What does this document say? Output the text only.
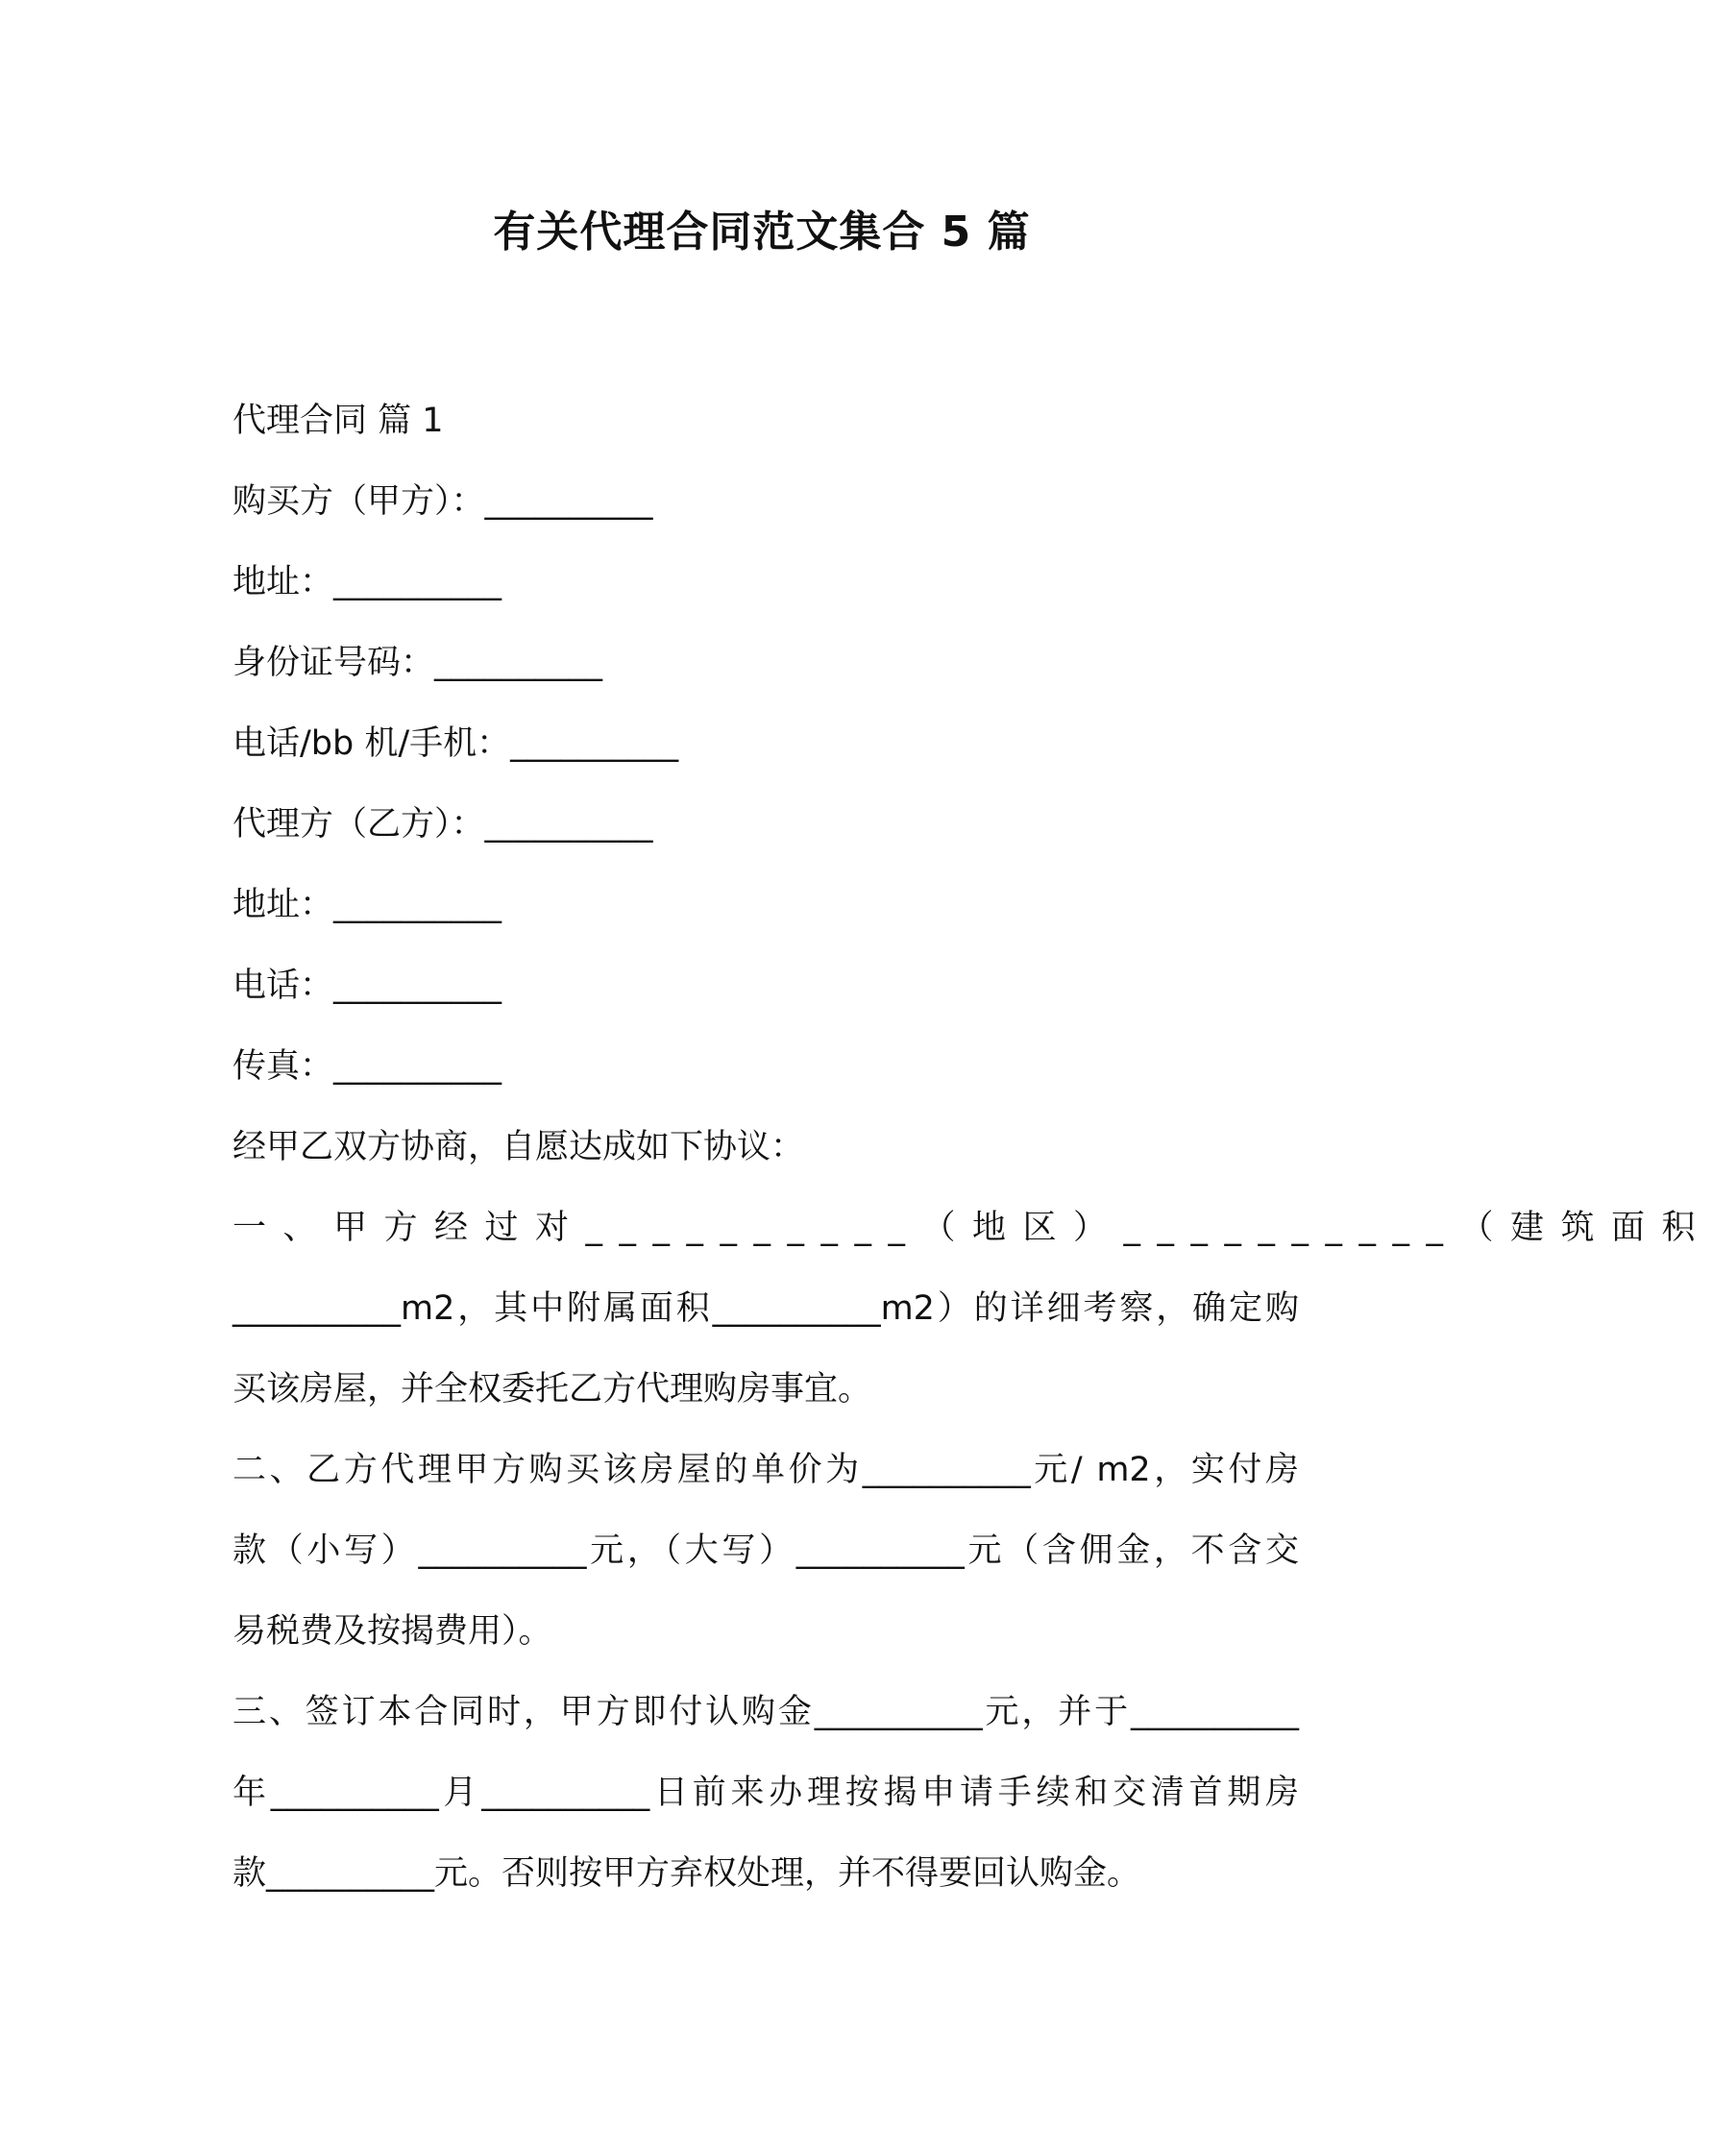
有关代理合同范文集合 5 篇
代理合同 篇 1
购买方（甲方）：__________
地址：__________
身份证号码：__________
电话/bb 机/手机：__________
代理方（乙方）：__________
地址：__________
电话：__________
传真：__________
经甲乙双方协商，自愿达成如下协议：
一、甲方经过对__________（地区）__________（建筑面积
__________m2，其中附属面积__________m2）的详细考察，确定购
买该房屋，并全权委托乙方代理购房事宜。
二、乙方代理甲方购买该房屋的单价为__________元/ m2，实付房
款（小写）__________元，（大写）__________元（含佣金，不含交
易税费及按揭费用）。
三、签订本合同时，甲方即付认购金__________元，并于__________
年__________月__________日前来办理按揭申请手续和交清首期房
款__________元。否则按甲方弃权处理，并不得要回认购金。
